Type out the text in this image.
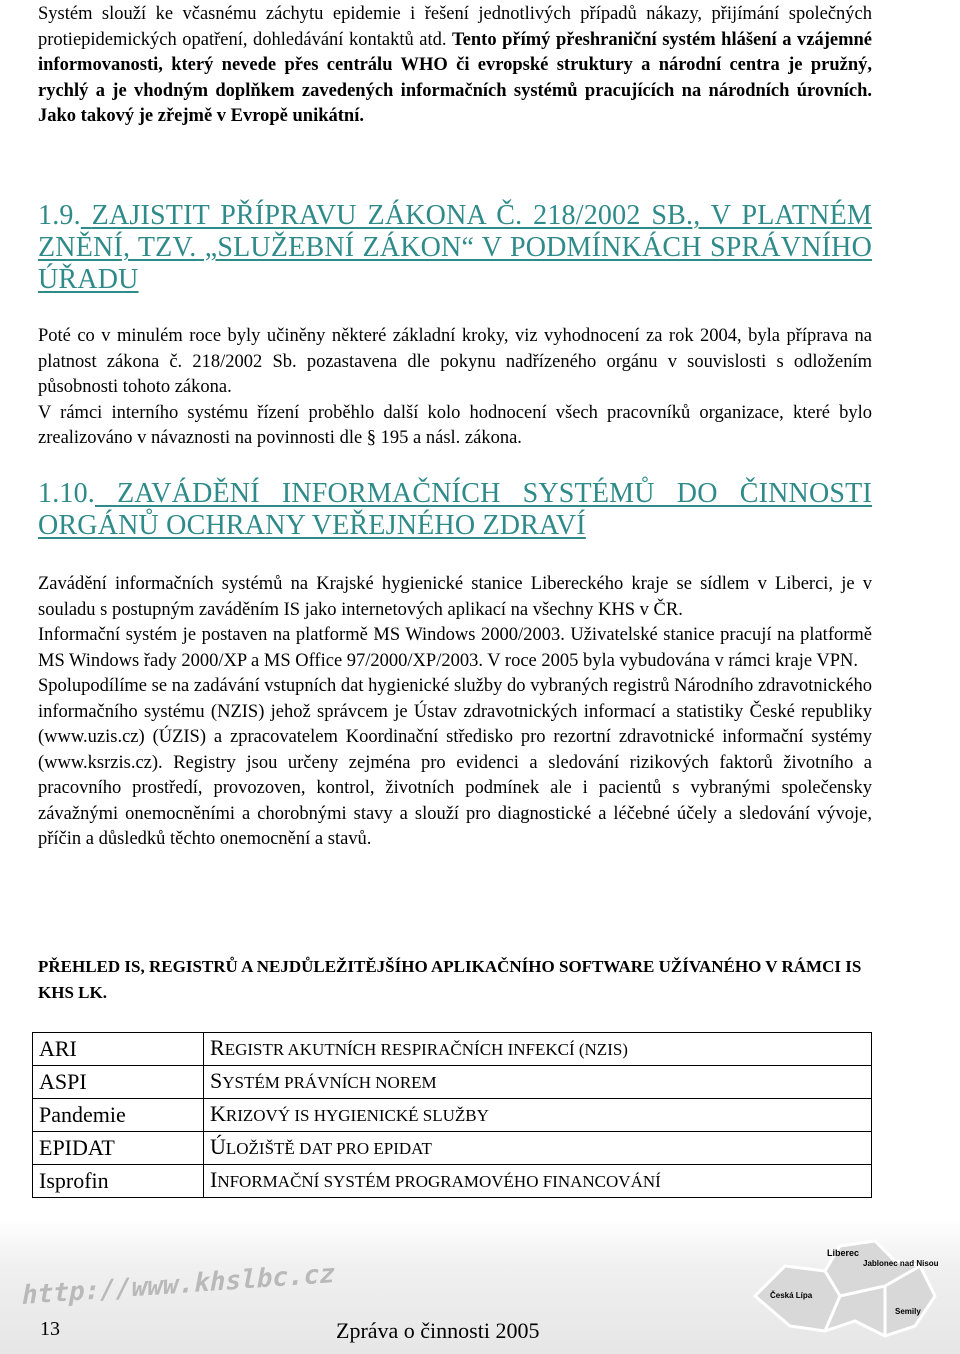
Systém slouží ke včasnému záchytu epidemie i řešení jednotlivých případů nákazy, přijímání společných protiepidemických opatření, dohledávání kontaktů atd. Tento přímý přeshraniční systém hlášení a vzájemné informovanosti, který nevede přes centrálu WHO či evropské struktury a národní centra je pružný, rychlý a je vhodným doplňkem zavedených informačních systémů pracujících na národních úrovních. Jako takový je zřejmě v Evropě unikátní.

1.9. ZAJISTIT PŘÍPRAVU ZÁKONA Č. 218/2002 SB., V PLATNÉM ZNĚNÍ, TZV. „SLUŽEBNÍ ZÁKON“ V PODMÍNKÁCH SPRÁVNÍHO ÚŘADU

Poté co v minulém roce byly učiněny některé základní kroky, viz vyhodnocení za rok 2004, byla příprava na platnost zákona č. 218/2002 Sb. pozastavena dle pokynu nadřízeného orgánu v souvislosti s odložením působnosti tohoto zákona.

V rámci interního systému řízení proběhlo další kolo hodnocení všech pracovníků organizace, které bylo zrealizováno v návaznosti na povinnosti dle § 195 a násl. zákona.

1.10. ZAVÁDĚNÍ INFORMAČNÍCH SYSTÉMŮ DO ČINNOSTI ORGÁNŮ OCHRANY VEŘEJNÉHO ZDRAVÍ

Zavádění informačních systémů na Krajské hygienické stanice Libereckého kraje se sídlem v Liberci, je v souladu s postupným zaváděním IS jako internetových aplikací na všechny KHS v ČR.

Informační systém je postaven na platformě MS Windows 2000/2003. Uživatelské stanice pracují na platformě MS Windows řady 2000/XP a MS Office 97/2000/XP/2003. V roce 2005 byla vybudována v rámci kraje VPN.

Spolupodílíme se na zadávání vstupních dat hygienické služby do vybraných registrů Národního zdravotnického informačního systému (NZIS) jehož správcem je Ústav zdravotnických informací a statistiky České republiky (www.uzis.cz) (ÚZIS) a zpracovatelem Koordinační středisko pro rezortní zdravotnické informační systémy (www.ksrzis.cz). Registry jsou určeny zejména pro evidenci a sledování rizikových faktorů životního a pracovního prostředí, provozoven, kontrol, životních podmínek ale i pacientů s vybranými společensky závažnými onemocněními a chorobnými stavy a slouží pro diagnostické a léčebné účely a sledování vývoje, příčin a důsledků těchto onemocnění a stavů.

PŘEHLED IS, REGISTRŮ A NEJDŮLEŽITĚJŠÍHO APLIKAČNÍHO SOFTWARE UŽÍVANÉHO V RÁMCI IS KHS LK.
ARI	REGISTR AKUTNÍCH RESPIRAČNÍCH INFEKCÍ (NZIS)
ASPI	SYSTÉM PRÁVNÍCH NOREM
Pandemie	KRIZOVÝ IS HYGIENICKÉ SLUŽBY
EPIDAT	ÚLOŽIŠTĚ DAT PRO EPIDAT
Isprofin	INFORMAČNÍ SYSTÉM PROGRAMOVÉHO FINANCOVÁNÍ
http://www.khslbc.cz
Liberec
Jablonec nad Nisou
Česká Lípa
Semily
13	Zpráva o činnosti 2005
